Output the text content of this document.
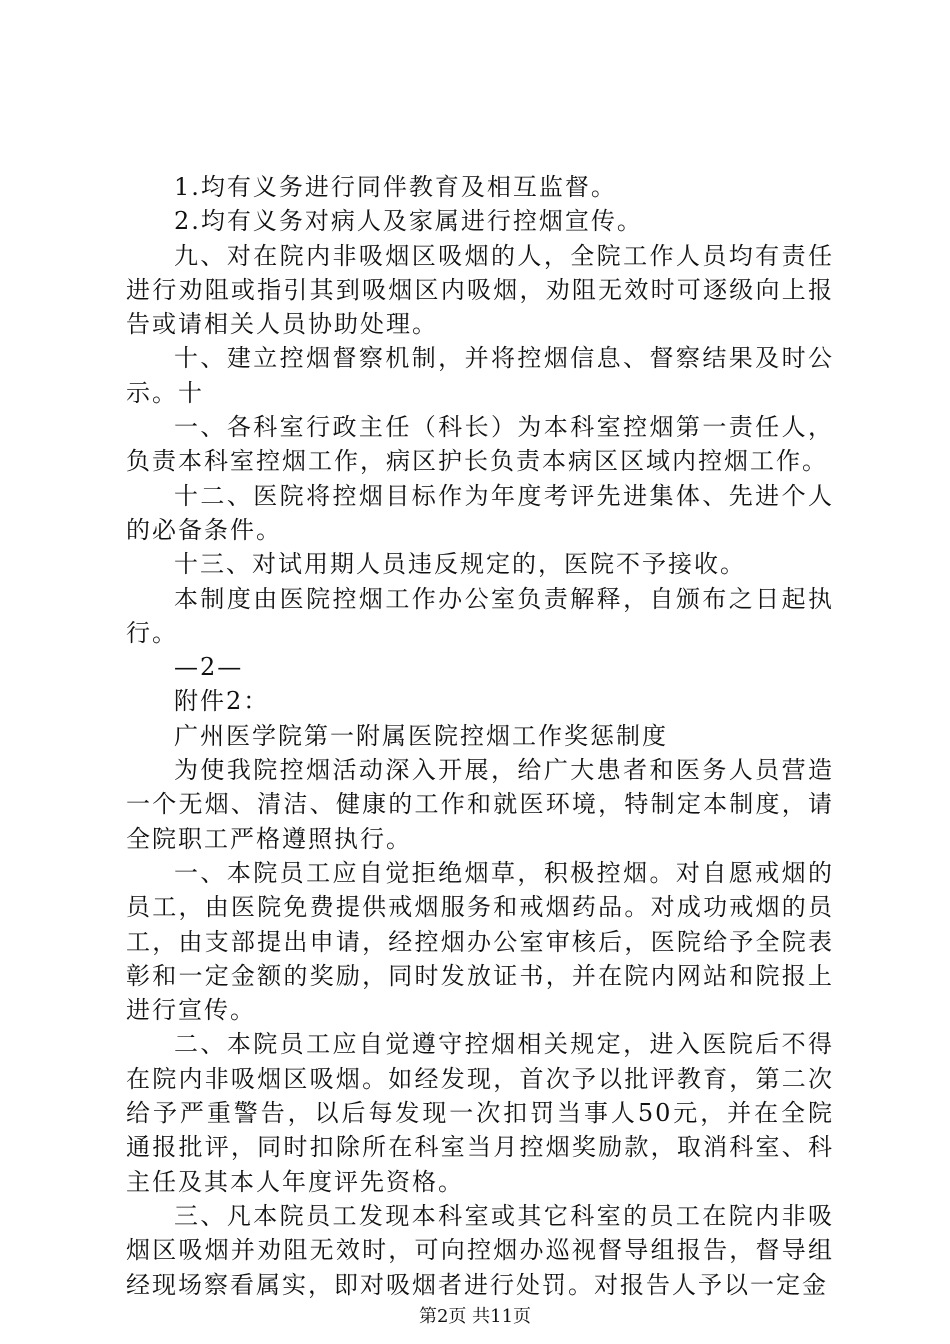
1.均有义务进行同伴教育及相互监督。

2.均有义务对病人及家属进行控烟宣传。

九、对在院内非吸烟区吸烟的人，全院工作人员均有责任进行劝阻或指引其到吸烟区内吸烟，劝阻无效时可逐级向上报告或请相关人员协助处理。

十、建立控烟督察机制，并将控烟信息、督察结果及时公示。十

一、各科室行政主任（科长）为本科室控烟第一责任人，负责本科室控烟工作，病区护长负责本病区区域内控烟工作。

十二、医院将控烟目标作为年度考评先进集体、先进个人的必备条件。

十三、对试用期人员违反规定的，医院不予接收。

本制度由医院控烟工作办公室负责解释，自颁布之日起执行。

—2—

附件2：

广州医学院第一附属医院控烟工作奖惩制度

为使我院控烟活动深入开展，给广大患者和医务人员营造一个无烟、清洁、健康的工作和就医环境，特制定本制度，请全院职工严格遵照执行。

一、本院员工应自觉拒绝烟草，积极控烟。对自愿戒烟的员工，由医院免费提供戒烟服务和戒烟药品。对成功戒烟的员工，由支部提出申请，经控烟办公室审核后，医院给予全院表彰和一定金额的奖励，同时发放证书，并在院内网站和院报上进行宣传。

二、本院员工应自觉遵守控烟相关规定，进入医院后不得在院内非吸烟区吸烟。如经发现，首次予以批评教育，第二次给予严重警告，以后每发现一次扣罚当事人50元，并在全院通报批评，同时扣除所在科室当月控烟奖励款，取消科室、科主任及其本人年度评先资格。

三、凡本院员工发现本科室或其它科室的员工在院内非吸烟区吸烟并劝阻无效时，可向控烟办巡视督导组报告，督导组经现场察看属实，即对吸烟者进行处罚。对报告人予以一定金

第2页 共11页
